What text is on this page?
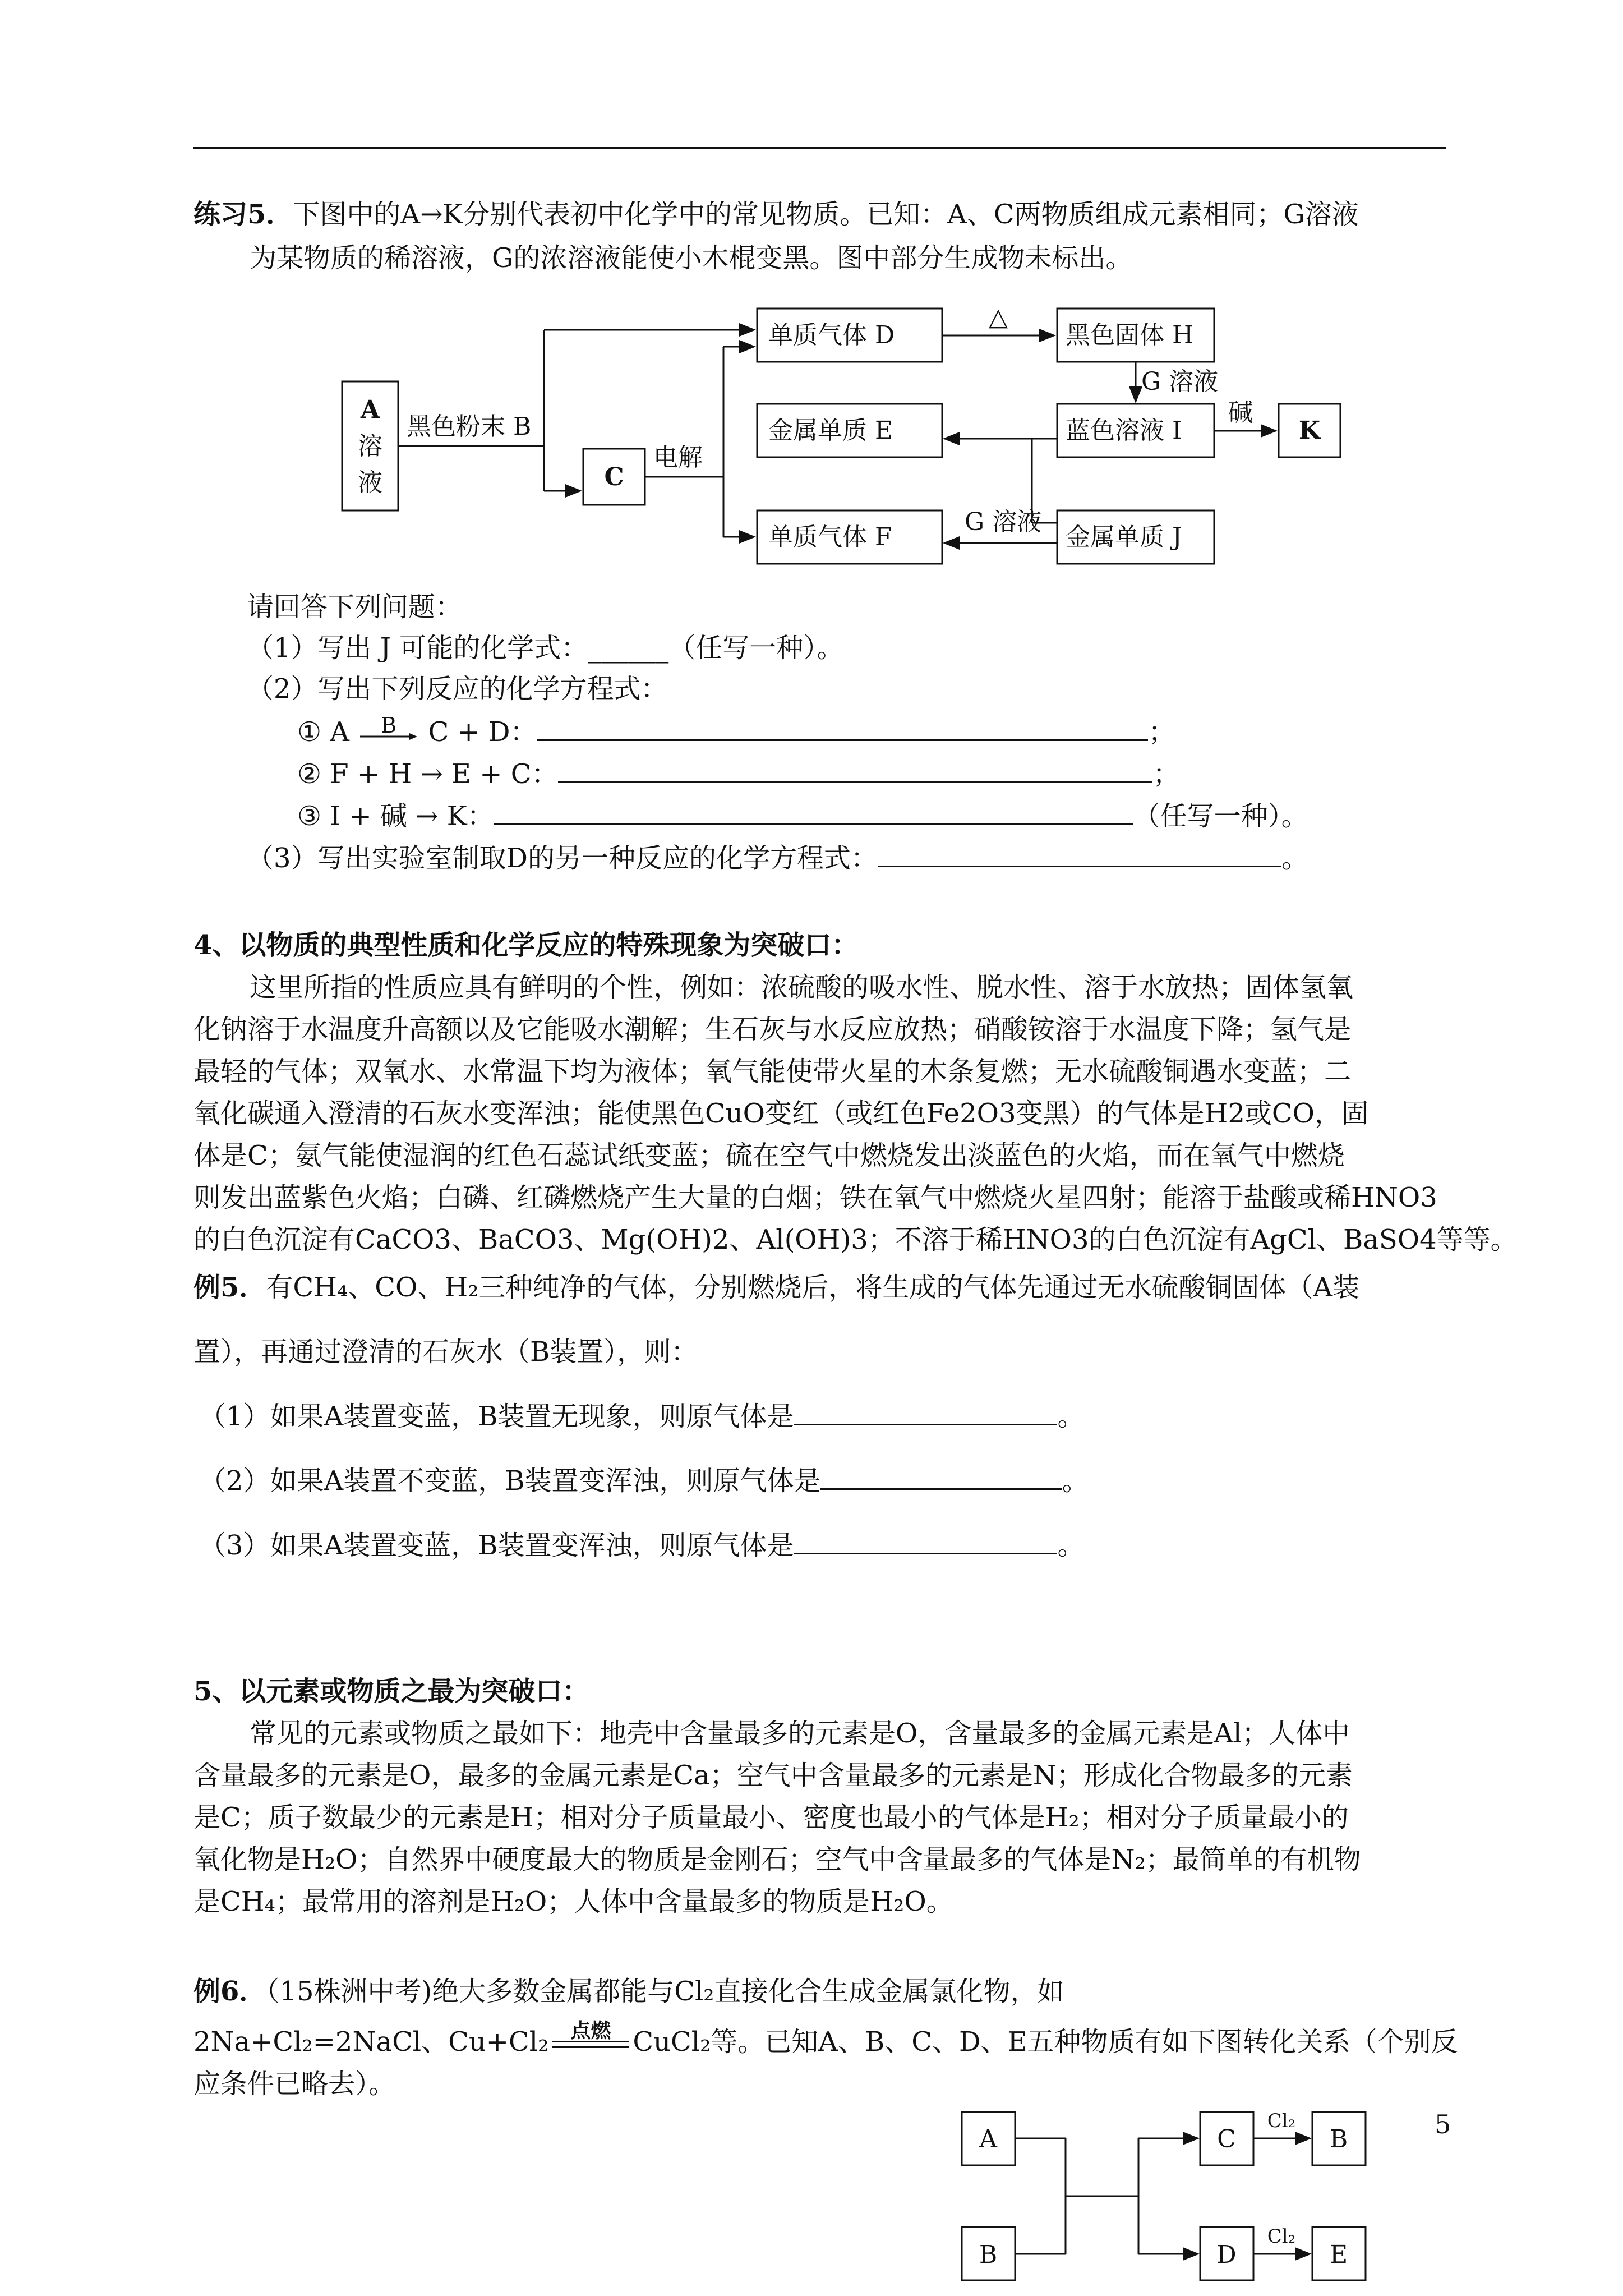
练习5．下图中的A→K分别代表初中化学中的常见物质。已知：A、C两物质组成元素相同；G溶液
为某物质的稀溶液，G的浓溶液能使小木棍变黑。图中部分生成物未标出。
A
溶
液
黑色粉末 B
C
电解
单质气体 D
金属单质 E
单质气体 F
黑色固体 H
蓝色溶液 I
金属单质 J
K
△
G 溶液
G 溶液
碱
请回答下列问题：
（1）写出 J 可能的化学式：______（任写一种）。
（2）写出下列反应的化学方程式：
① A	B	C + D：	；
② F + H → E + C：	；
③ I + 碱 → K：	（任写一种）。
（3）写出实验室制取D的另一种反应的化学方程式：	。
4、以物质的典型性质和化学反应的特殊现象为突破口：
这里所指的性质应具有鲜明的个性，例如：浓硫酸的吸水性、脱水性、溶于水放热；固体氢氧
化钠溶于水温度升高额以及它能吸水潮解；生石灰与水反应放热；硝酸铵溶于水温度下降；氢气是
最轻的气体；双氧水、水常温下均为液体；氧气能使带火星的木条复燃；无水硫酸铜遇水变蓝；二
氧化碳通入澄清的石灰水变浑浊；能使黑色CuO变红（或红色Fe2O3变黑）的气体是H2或CO，固
体是C；氨气能使湿润的红色石蕊试纸变蓝；硫在空气中燃烧发出淡蓝色的火焰，而在氧气中燃烧
则发出蓝紫色火焰；白磷、红磷燃烧产生大量的白烟；铁在氧气中燃烧火星四射；能溶于盐酸或稀HNO3
的白色沉淀有CaCO3、BaCO3、Mg(OH)2、Al(OH)3；不溶于稀HNO3的白色沉淀有AgCl、BaSO4等等。
例5．有CH₄、CO、H₂三种纯净的气体，分别燃烧后，将生成的气体先通过无水硫酸铜固体（A装
置），再通过澄清的石灰水（B装置），则：
（1）如果A装置变蓝，B装置无现象，则原气体是	。
（2）如果A装置不变蓝，B装置变浑浊，则原气体是	。
（3）如果A装置变蓝，B装置变浑浊，则原气体是	。
5、以元素或物质之最为突破口：
常见的元素或物质之最如下：地壳中含量最多的元素是O，含量最多的金属元素是Al；人体中
含量最多的元素是O，最多的金属元素是Ca；空气中含量最多的元素是N；形成化合物最多的元素
是C；质子数最少的元素是H；相对分子质量最小、密度也最小的气体是H₂；相对分子质量最小的
氧化物是H₂O；自然界中硬度最大的物质是金刚石；空气中含量最多的气体是N₂；最简单的有机物
是CH₄；最常用的溶剂是H₂O；人体中含量最多的物质是H₂O。
例6．（15株洲中考)绝大多数金属都能与Cl₂直接化合生成金属氯化物，如
2Na+Cl₂=2NaCl、Cu+Cl₂	点燃 CuCl₂等。已知A、B、C、D、E五种物质有如下图转化关系（个别反
应条件已略去）。
A
B
C
D
B
E
Cl₂
Cl₂
5
